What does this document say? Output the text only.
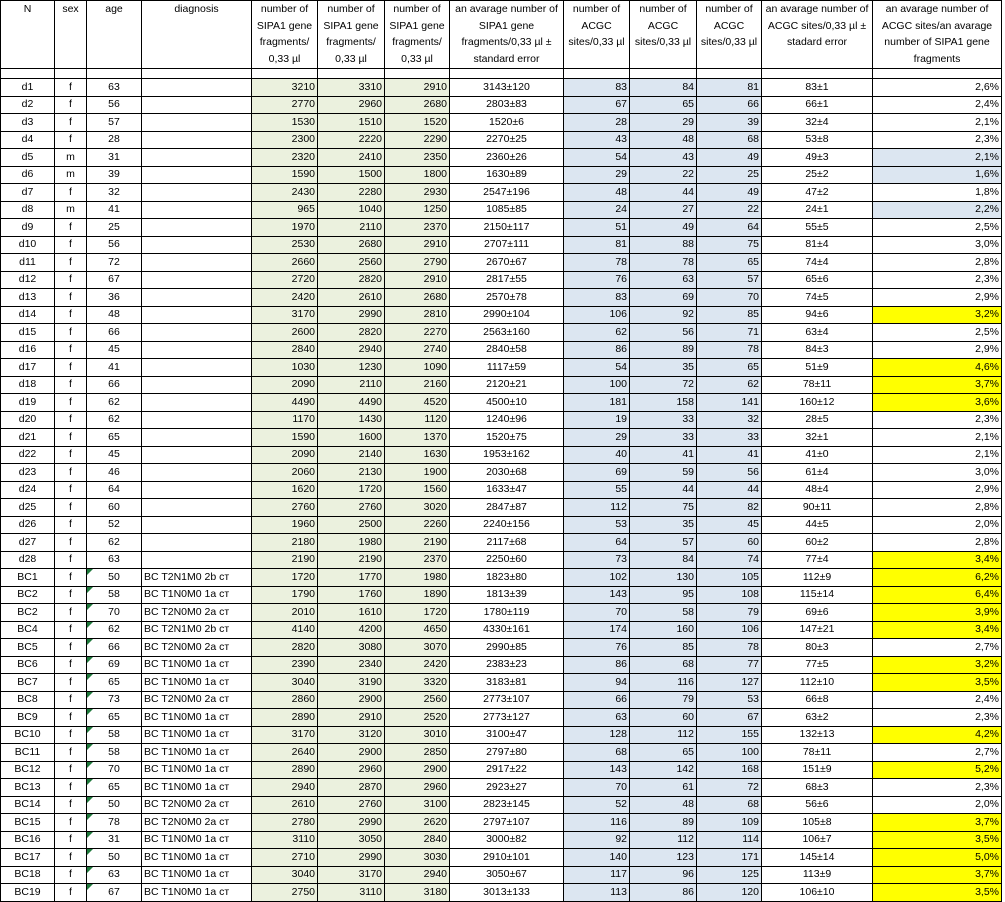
N	sex	age	diagnosis	number of SIPA1 gene fragments/ 0,33 µl	number of SIPA1 gene fragments/ 0,33 µl	number of SIPA1 gene fragments/ 0,33 µl	an avarage number of SIPA1 gene fragments/0,33 µl ± standard error	number of ACGC sites/0,33 µl	number of ACGC sites/0,33 µl	number of ACGC sites/0,33 µl	an avarage number of ACGC sites/0,33 µl ± stadard error	an avarage number of ACGC sites/an avarage number of SIPA1 gene fragments

d1	f	63		3210	3310	2910	3143±120	83	84	81	83±1	2,6%
d2	f	56		2770	2960	2680	2803±83	67	65	66	66±1	2,4%
d3	f	57		1530	1510	1520	1520±6	28	29	39	32±4	2,1%
d4	f	28		2300	2220	2290	2270±25	43	48	68	53±8	2,3%
d5	m	31		2320	2410	2350	2360±26	54	43	49	49±3	2,1%
d6	m	39		1590	1500	1800	1630±89	29	22	25	25±2	1,6%
d7	f	32		2430	2280	2930	2547±196	48	44	49	47±2	1,8%
d8	m	41		965	1040	1250	1085±85	24	27	22	24±1	2,2%
d9	f	25		1970	2110	2370	2150±117	51	49	64	55±5	2,5%
d10	f	56		2530	2680	2910	2707±111	81	88	75	81±4	3,0%
d11	f	72		2660	2560	2790	2670±67	78	78	65	74±4	2,8%
d12	f	67		2720	2820	2910	2817±55	76	63	57	65±6	2,3%
d13	f	36		2420	2610	2680	2570±78	83	69	70	74±5	2,9%
d14	f	48		3170	2990	2810	2990±104	106	92	85	94±6	3,2%
d15	f	66		2600	2820	2270	2563±160	62	56	71	63±4	2,5%
d16	f	45		2840	2940	2740	2840±58	86	89	78	84±3	2,9%
d17	f	41		1030	1230	1090	1117±59	54	35	65	51±9	4,6%
d18	f	66		2090	2110	2160	2120±21	100	72	62	78±11	3,7%
d19	f	62		4490	4490	4520	4500±10	181	158	141	160±12	3,6%
d20	f	62		1170	1430	1120	1240±96	19	33	32	28±5	2,3%
d21	f	65		1590	1600	1370	1520±75	29	33	33	32±1	2,1%
d22	f	45		2090	2140	1630	1953±162	40	41	41	41±0	2,1%
d23	f	46		2060	2130	1900	2030±68	69	59	56	61±4	3,0%
d24	f	64		1620	1720	1560	1633±47	55	44	44	48±4	2,9%
d25	f	60		2760	2760	3020	2847±87	112	75	82	90±11	2,8%
d26	f	52		1960	2500	2260	2240±156	53	35	45	44±5	2,0%
d27	f	62		2180	1980	2190	2117±68	64	57	60	60±2	2,8%
d28	f	63		2190	2190	2370	2250±60	73	84	74	77±4	3,4%
BC1	f	50	BC T2N1M0 2b ст	1720	1770	1980	1823±80	102	130	105	112±9	6,2%
BC2	f	58	BC T1N0M0 1a ст	1790	1760	1890	1813±39	143	95	108	115±14	6,4%
BC2	f	70	BC T2N0M0 2a ст	2010	1610	1720	1780±119	70	58	79	69±6	3,9%
BC4	f	62	BC T2N1M0 2b ст	4140	4200	4650	4330±161	174	160	106	147±21	3,4%
BC5	f	66	BC T2N0M0 2a ст	2820	3080	3070	2990±85	76	85	78	80±3	2,7%
BC6	f	69	BC T1N0M0 1a ст	2390	2340	2420	2383±23	86	68	77	77±5	3,2%
BC7	f	65	BC T1N0M0 1a ст	3040	3190	3320	3183±81	94	116	127	112±10	3,5%
BC8	f	73	BC T2N0M0 2a ст	2860	2900	2560	2773±107	66	79	53	66±8	2,4%
BC9	f	65	BC T1N0M0 1a ст	2890	2910	2520	2773±127	63	60	67	63±2	2,3%
BC10	f	58	BC T1N0M0 1a ст	3170	3120	3010	3100±47	128	112	155	132±13	4,2%
BC11	f	58	BC T1N0M0 1a ст	2640	2900	2850	2797±80	68	65	100	78±11	2,7%
BC12	f	70	BC T1N0M0 1a ст	2890	2960	2900	2917±22	143	142	168	151±9	5,2%
BC13	f	65	BC T1N0M0 1a ст	2940	2870	2960	2923±27	70	61	72	68±3	2,3%
BC14	f	50	BC T2N0M0 2a ст	2610	2760	3100	2823±145	52	48	68	56±6	2,0%
BC15	f	78	BC T2N0M0 2a ст	2780	2990	2620	2797±107	116	89	109	105±8	3,7%
BC16	f	31	BC T1N0M0 1a ст	3110	3050	2840	3000±82	92	112	114	106±7	3,5%
BC17	f	50	BC T1N0M0 1a ст	2710	2990	3030	2910±101	140	123	171	145±14	5,0%
BC18	f	63	BC T1N0M0 1a ст	3040	3170	2940	3050±67	117	96	125	113±9	3,7%
BC19	f	67	BC T1N0M0 1a ст	2750	3110	3180	3013±133	113	86	120	106±10	3,5%
